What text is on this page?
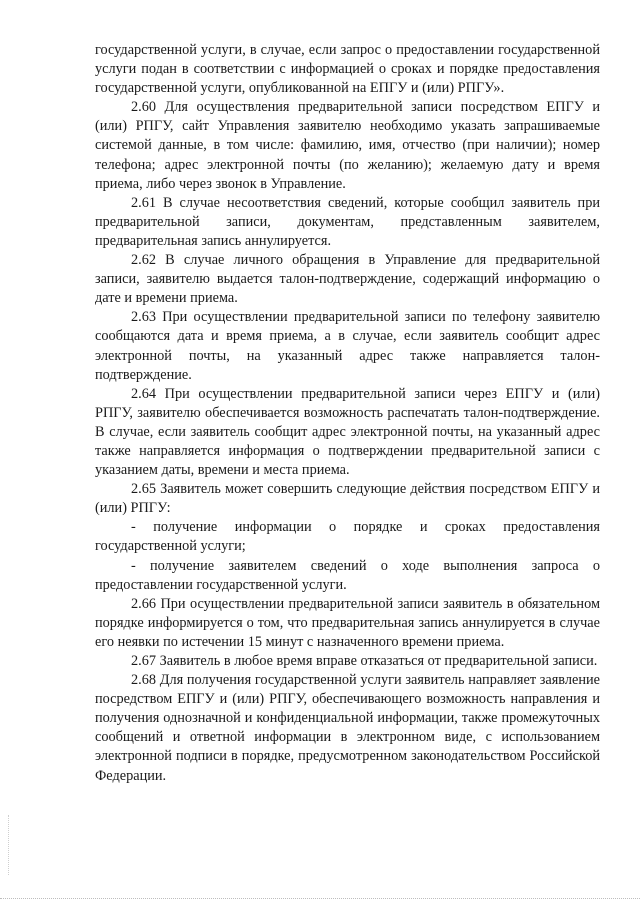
государственной услуги, в случае, если запрос о предоставлении государственной услуги подан в соответствии с информацией о сроках и порядке предоставления государственной услуги, опубликованной на ЕПГУ и (или) РПГУ».

2.60 Для осуществления предварительной записи посредством ЕПГУ и (или) РПГУ, сайт Управления заявителю необходимо указать запрашиваемые системой данные, в том числе: фамилию, имя, отчество (при наличии); номер телефона; адрес электронной почты (по желанию); желаемую дату и время приема, либо через звонок в Управление.

2.61 В случае несоответствия сведений, которые сообщил заявитель при предварительной записи, документам, представленным заявителем, предварительная запись аннулируется.

2.62 В случае личного обращения в Управление для предварительной записи, заявителю выдается талон-подтверждение, содержащий информацию о дате и времени приема.

2.63 При осуществлении предварительной записи по телефону заявителю сообщаются дата и время приема, а в случае, если заявитель сообщит адрес электронной почты, на указанный адрес также направляется талон-подтверждение.

2.64 При осуществлении предварительной записи через ЕПГУ и (или) РПГУ, заявителю обеспечивается возможность распечатать талон-подтверждение. В случае, если заявитель сообщит адрес электронной почты, на указанный адрес также направляется информация о подтверждении предварительной записи с указанием даты, времени и места приема.

2.65 Заявитель может совершить следующие действия посредством ЕПГУ и (или) РПГУ:

- получение информации о порядке и сроках предоставления государственной услуги;

- получение заявителем сведений о ходе выполнения запроса о предоставлении государственной услуги.

2.66 При осуществлении предварительной записи заявитель в обязательном порядке информируется о том, что предварительная запись аннулируется в случае его неявки по истечении 15 минут с назначенного времени приема.

2.67 Заявитель в любое время вправе отказаться от предварительной записи.

2.68 Для получения государственной услуги заявитель направляет заявление посредством ЕПГУ и (или) РПГУ, обеспечивающего возможность направления и получения однозначной и конфиденциальной информации, также промежуточных сообщений и ответной информации в электронном виде, с использованием электронной подписи в порядке, предусмотренном законодательством Российской Федерации.
